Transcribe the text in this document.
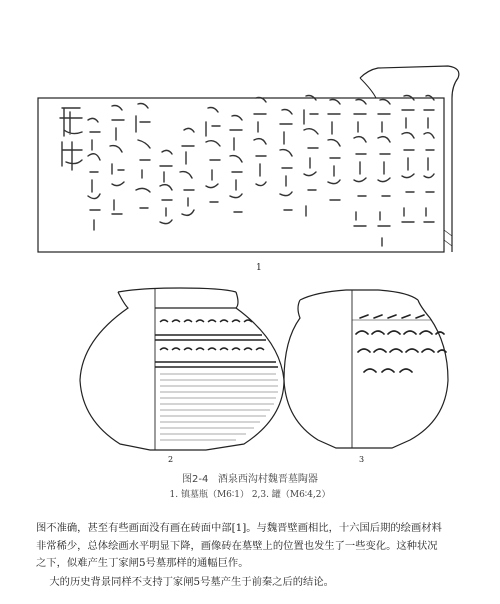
1
2	3
图2-4   酒泉西沟村魏晋墓陶器
1. 镇墓瓶（M6∶1） 2,3. 罐（M6∶4,2）

图不准确，甚至有些画面没有画在砖面中部[1]。与魏晋壁画相比，十六国后期的绘画材料

非常稀少，总体绘画水平明显下降，画像砖在墓壁上的位置也发生了一些变化。这种状况

之下，似难产生丁家闸5号墓那样的通幅巨作。

大的历史背景同样不支持丁家闸5号墓产生于前秦之后的结论。
